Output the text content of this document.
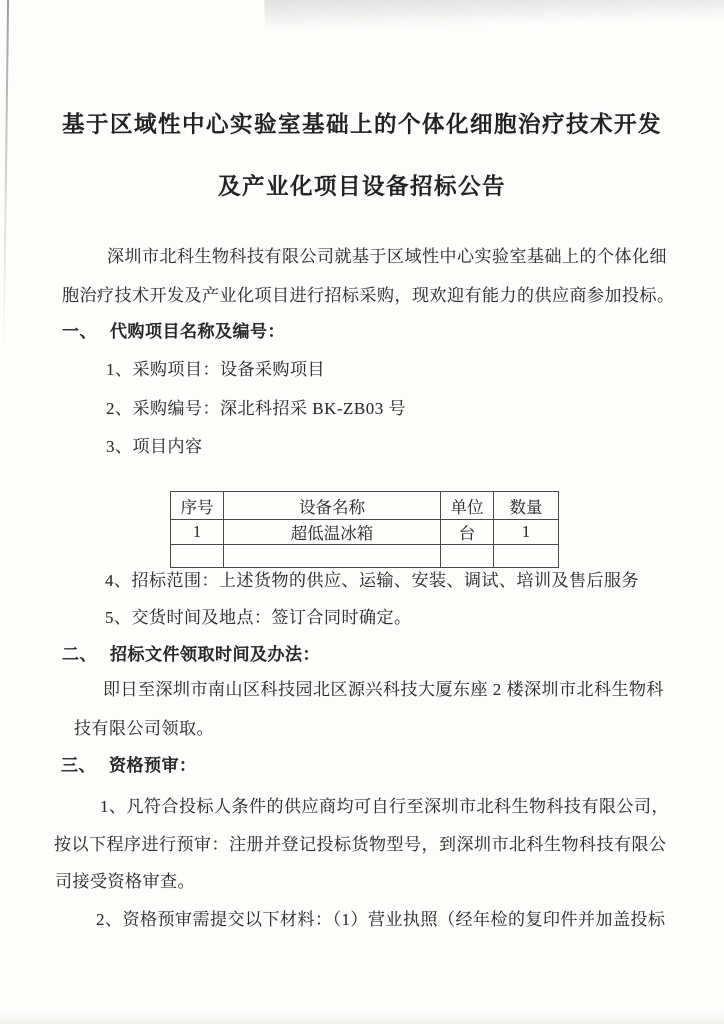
基于区域性中心实验室基础上的个体化细胞治疗技术开发
及产业化项目设备招标公告
深圳市北科生物科技有限公司就基于区域性中心实验室基础上的个体化细
胞治疗技术开发及产业化项目进行招标采购，现欢迎有能力的供应商参加投标。
一、 代购项目名称及编号：
1、采购项目：设备采购项目
2、采购编号：深北科招采 BK-ZB03 号
3、项目内容
序号	设备名称	单位	数量
1	超低温冰箱	台	1

4、招标范围：上述货物的供应、运输、安装、调试、培训及售后服务
5、交货时间及地点：签订合同时确定。
二、 招标文件领取时间及办法：
即日至深圳市南山区科技园北区源兴科技大厦东座 2 楼深圳市北科生物科
技有限公司领取。
三、 资格预审：
1、凡符合投标人条件的供应商均可自行至深圳市北科生物科技有限公司，
按以下程序进行预审：注册并登记投标货物型号，到深圳市北科生物科技有限公
司接受资格审查。
2、资格预审需提交以下材料：（1）营业执照（经年检的复印件并加盖投标
